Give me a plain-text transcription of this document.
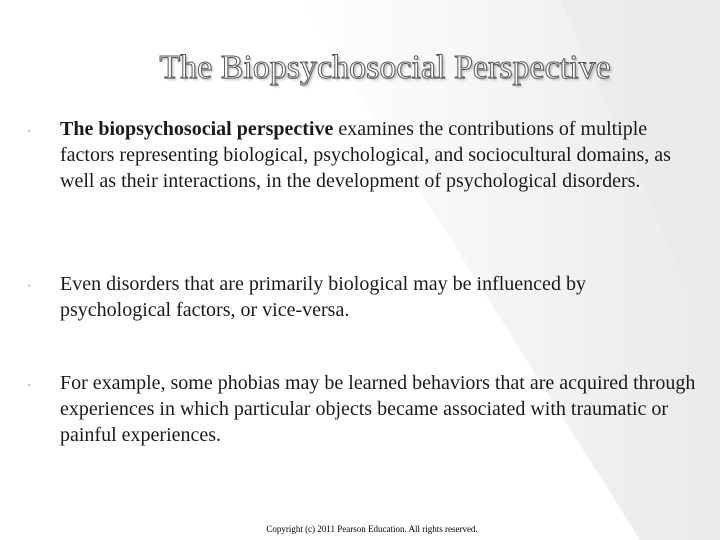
The Biopsychosocial Perspective
◦ The biopsychosocial perspective examines the contributions of multiple factors representing biological, psychological, and sociocultural domains, as well as their interactions, in the development of psychological disorders.
◦ Even disorders that are primarily biological may be influenced by psychological factors, or vice-versa.
◦ For example, some phobias may be learned behaviors that are acquired through experiences in which particular objects became associated with traumatic or painful experiences.
Copyright (c) 2011 Pearson Education. All rights reserved.
